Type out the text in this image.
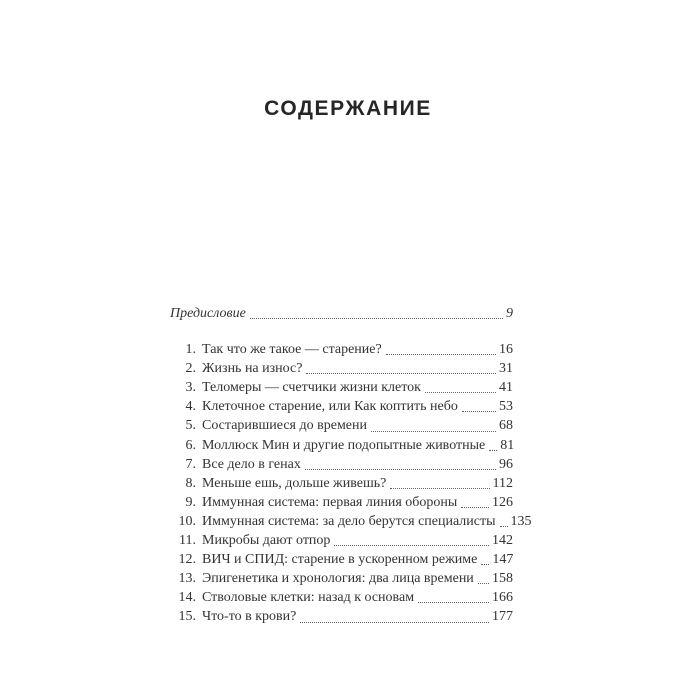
СОДЕРЖАНИЕ
Предисловие	9
1. Так что же такое — старение?	16
2. Жизнь на износ?	31
3. Теломеры — счетчики жизни клеток	41
4. Клеточное старение, или Как коптить небо	53
5. Состарившиеся до времени	68
6. Моллюск Мин и другие подопытные животные 81
7. Все дело в генах	96
8. Меньше ешь, дольше живешь?	112
9. Иммунная система: первая линия обороны 126
10. Иммунная система: за дело берутся специалисты 135
11. Микробы дают отпор	142
12. ВИЧ и СПИД: старение в ускоренном режиме 147
13. Эпигенетика и хронология: два лица времени 158
14. Стволовые клетки: назад к основам	166
15. Что-то в крови?	177
